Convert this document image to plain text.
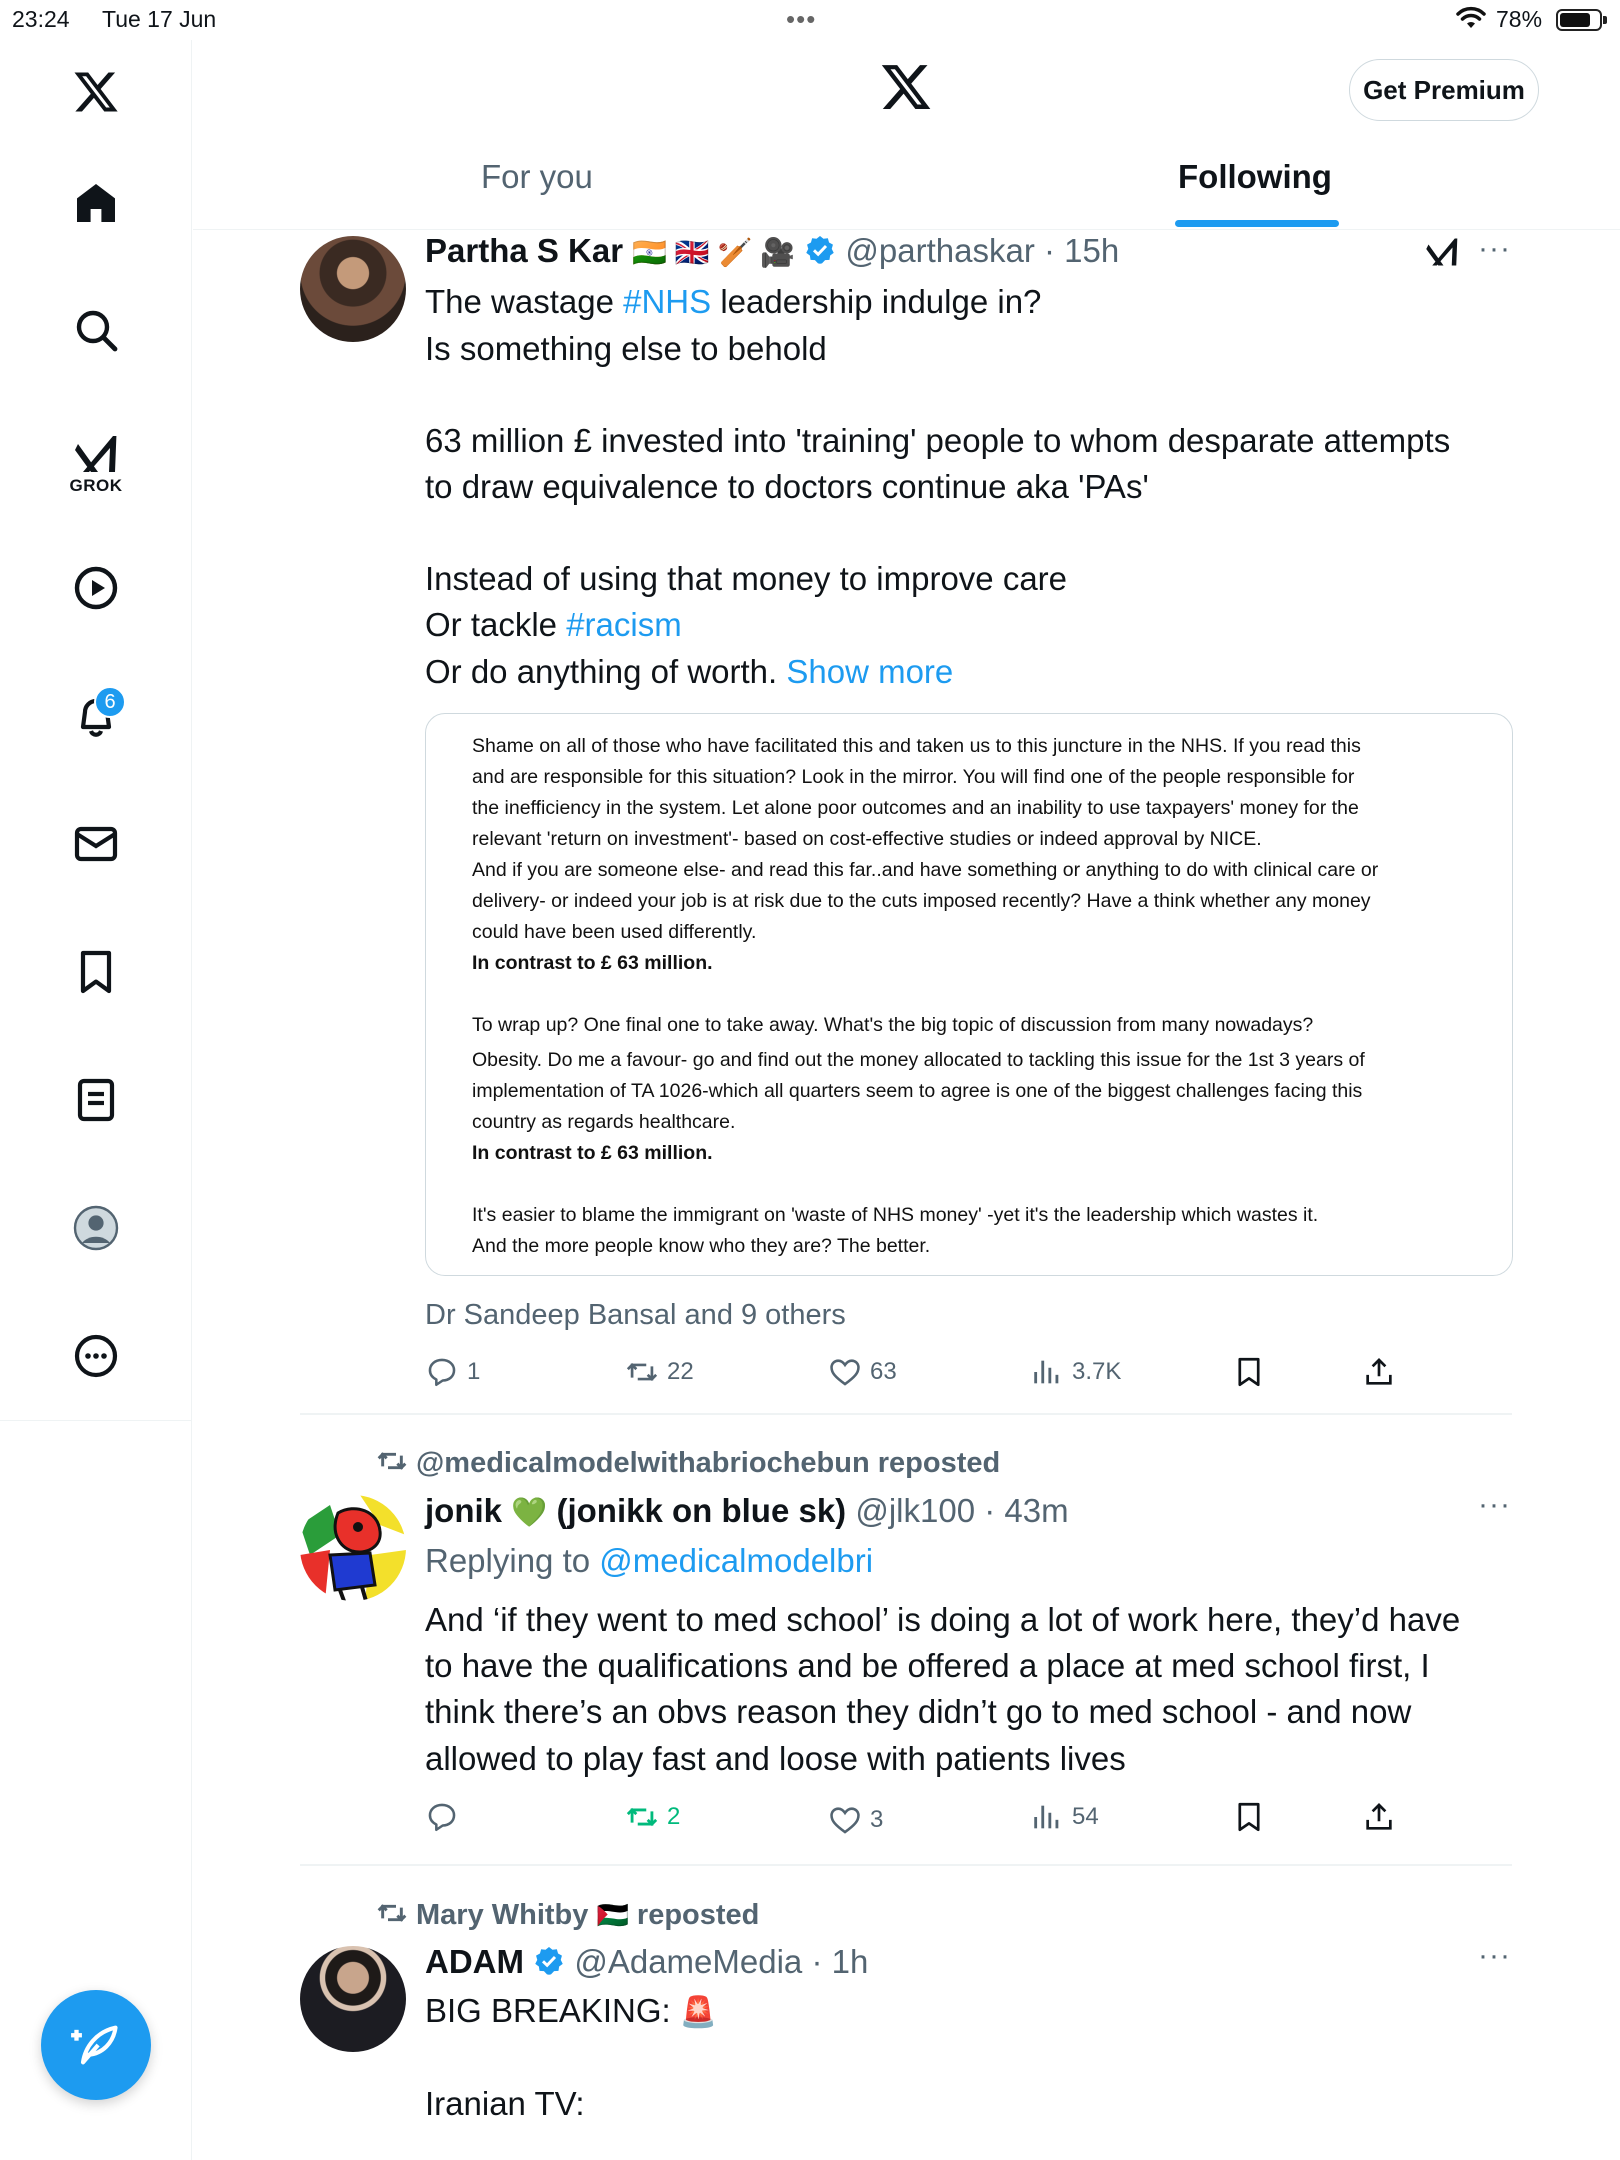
23:24 Tue 17 Jun	•••	78%
GROK
6
Get Premium
For you	Following
Partha S Kar 🇮🇳 🇬🇧 🏏 🎥 @parthaskar · 15h	···
The wastage #NHS leadership indulge in?
Is something else to behold
63 million £ invested into 'training' people to whom desparate attempts
to draw equivalence to doctors continue aka 'PAs'
Instead of using that money to improve care
Or tackle #racism
Or do anything of worth. Show more
Shame on all of those who have facilitated this and taken us to this juncture in the NHS. If you read this
and are responsible for this situation? Look in the mirror. You will find one of the people responsible for
the inefficiency in the system. Let alone poor outcomes and an inability to use taxpayers' money for the
relevant 'return on investment'- based on cost-effective studies or indeed approval by NICE.
And if you are someone else- and read this far..and have something or anything to do with clinical care or
delivery- or indeed your job is at risk due to the cuts imposed recently? Have a think whether any money
could have been used differently.
In contrast to £ 63 million.
To wrap up? One final one to take away. What's the big topic of discussion from many nowadays?
Obesity. Do me a favour- go and find out the money allocated to tackling this issue for the 1st 3 years of
implementation of TA 1026-which all quarters seem to agree is one of the biggest challenges facing this
country as regards healthcare.
In contrast to £ 63 million.
It's easier to blame the immigrant on 'waste of NHS money' -yet it's the leadership which wastes it.
And the more people know who they are? The better.
Dr Sandeep Bansal and 9 others
1	22	63	3.7K
@medicalmodelwithabriochebun reposted
jonik 💚 (jonikk on blue sk) @jlk100 · 43m	···
Replying to @medicalmodelbri
And ‘if they went to med school’ is doing a lot of work here, they’d have
to have the qualifications and be offered a place at med school first, I
think there’s an obvs reason they didn’t go to med school - and now
allowed to play fast and loose with patients lives
2	3	54
Mary Whitby 🇵🇸 reposted
ADAM @AdameMedia · 1h	···
BIG BREAKING: 🚨
Iranian TV:
